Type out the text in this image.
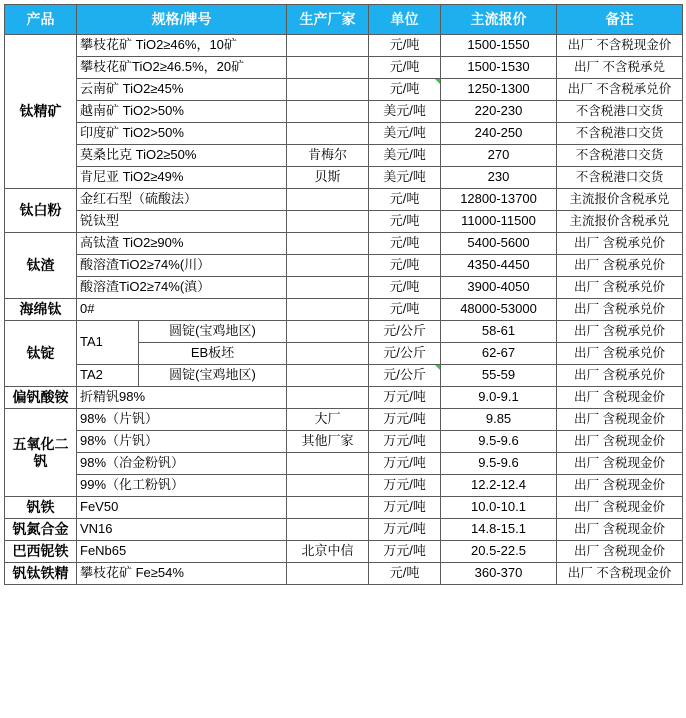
产品	规格/牌号		生产厂家	单位	主流报价	备注
钛精矿	攀枝花矿 TiO2≥46%，10矿			元/吨	1500-1550	出厂 不含税现金价
	攀枝花矿TiO2≥46.5%，20矿			元/吨	1500-1530	出厂 不含税承兑
	云南矿 TiO2≥45%			元/吨	1250-1300	出厂 不含税承兑价
	越南矿 TiO2>50%			美元/吨	220-230	不含税港口交货
	印度矿 TiO2>50%			美元/吨	240-250	不含税港口交货
	莫桑比克 TiO2≥50%		肯梅尔	美元/吨	270	不含税港口交货
	肯尼亚 TiO2≥49%		贝斯	美元/吨	230	不含税港口交货
钛白粉	金红石型（硫酸法）			元/吨	12800-13700	主流报价含税承兑
	锐钛型			元/吨	11000-11500	主流报价含税承兑
钛渣	高钛渣 TiO2≥90%			元/吨	5400-5600	出厂 含税承兑价
	酸溶渣TiO2≥74%(川）			元/吨	4350-4450	出厂 含税承兑价
	酸溶渣TiO2≥74%(滇）			元/吨	3900-4050	出厂 含税承兑价
海绵钛	0#			元/吨	48000-53000	出厂 含税承兑价
钛锭	TA1	圆锭(宝鸡地区)		元/公斤	58-61	出厂 含税承兑价
		EB板坯		元/公斤	62-67	出厂 含税承兑价
	TA2	圆锭(宝鸡地区)		元/公斤	55-59	出厂 含税承兑价
偏钒酸铵	折精钒98%			万元/吨	9.0-9.1	出厂 含税现金价
五氧化二钒	98%（片钒）		大厂	万元/吨	9.85	出厂 含税现金价
	98%（片钒）		其他厂家	万元/吨	9.5-9.6	出厂 含税现金价
	98%（冶金粉钒）			万元/吨	9.5-9.6	出厂 含税现金价
	99%（化工粉钒）			万元/吨	12.2-12.4	出厂 含税现金价
钒铁	FeV50			万元/吨	10.0-10.1	出厂 含税现金价
钒氮合金	VN16			万元/吨	14.8-15.1	出厂 含税现金价
巴西铌铁	FeNb65		北京中信	万元/吨	20.5-22.5	出厂 含税现金价
钒钛铁精	攀枝花矿 Fe≥54%			元/吨	360-370	出厂 不含税现金价
